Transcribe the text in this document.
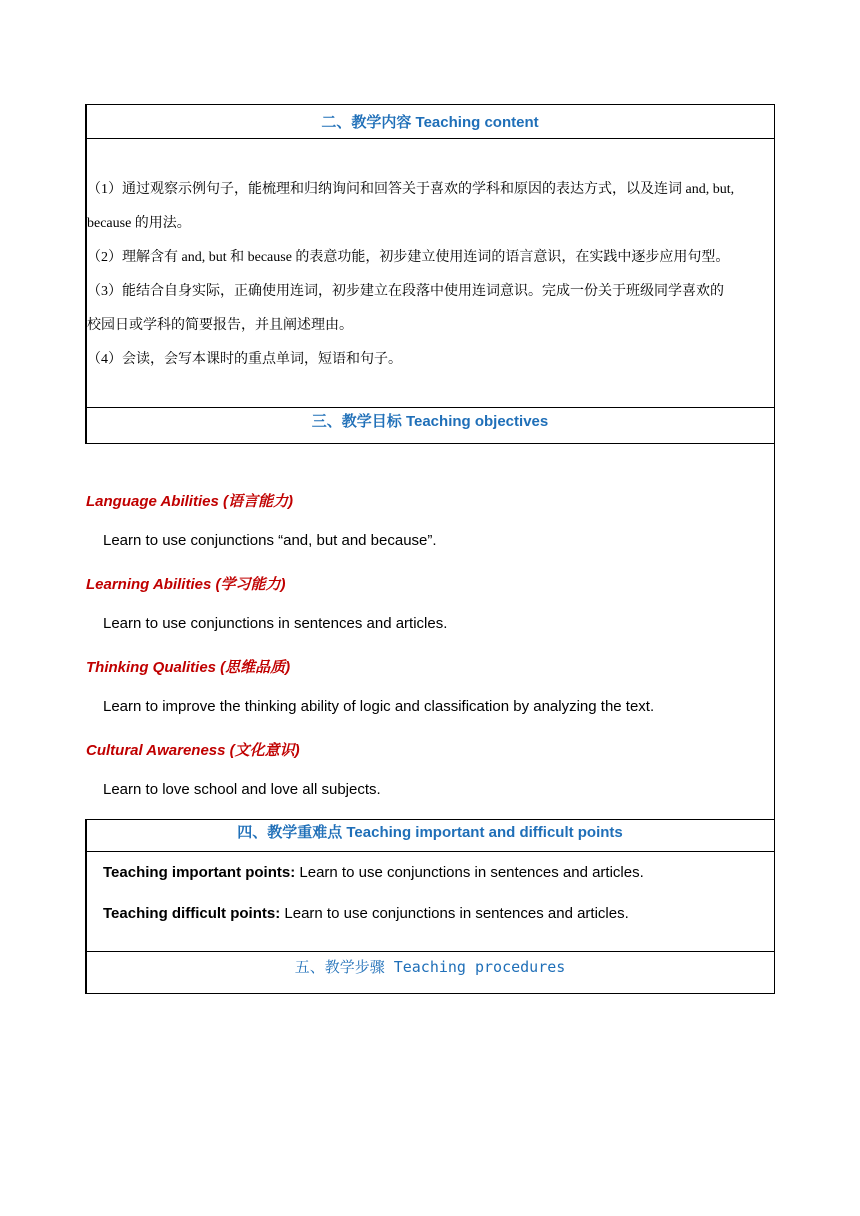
二、教学内容 Teaching content
（1）通过观察示例句子，能梳理和归纳询问和回答关于喜欢的学科和原因的表达方式，以及连词 and, but,
because 的用法。
（2）理解含有 and, but 和 because 的表意功能，初步建立使用连词的语言意识，在实践中逐步应用句型。
（3）能结合自身实际，正确使用连词，初步建立在段落中使用连词意识。完成一份关于班级同学喜欢的
校园日或学科的简要报告，并且阐述理由。
（4）会读，会写本课时的重点单词，短语和句子。
三、教学目标 Teaching objectives
Language Abilities (语言能力)
Learn to use conjunctions “and, but and because”.
Learning Abilities (学习能力)
Learn to use conjunctions in sentences and articles.
Thinking Qualities (思维品质)
Learn to improve the thinking ability of logic and classification by analyzing the text.
Cultural Awareness (文化意识)
Learn to love school and love all subjects.
四、教学重难点 Teaching important and difficult points
Teaching important points: Learn to use conjunctions in sentences and articles.
Teaching difficult points: Learn to use conjunctions in sentences and articles.
五、教学步骤 Teaching procedures
